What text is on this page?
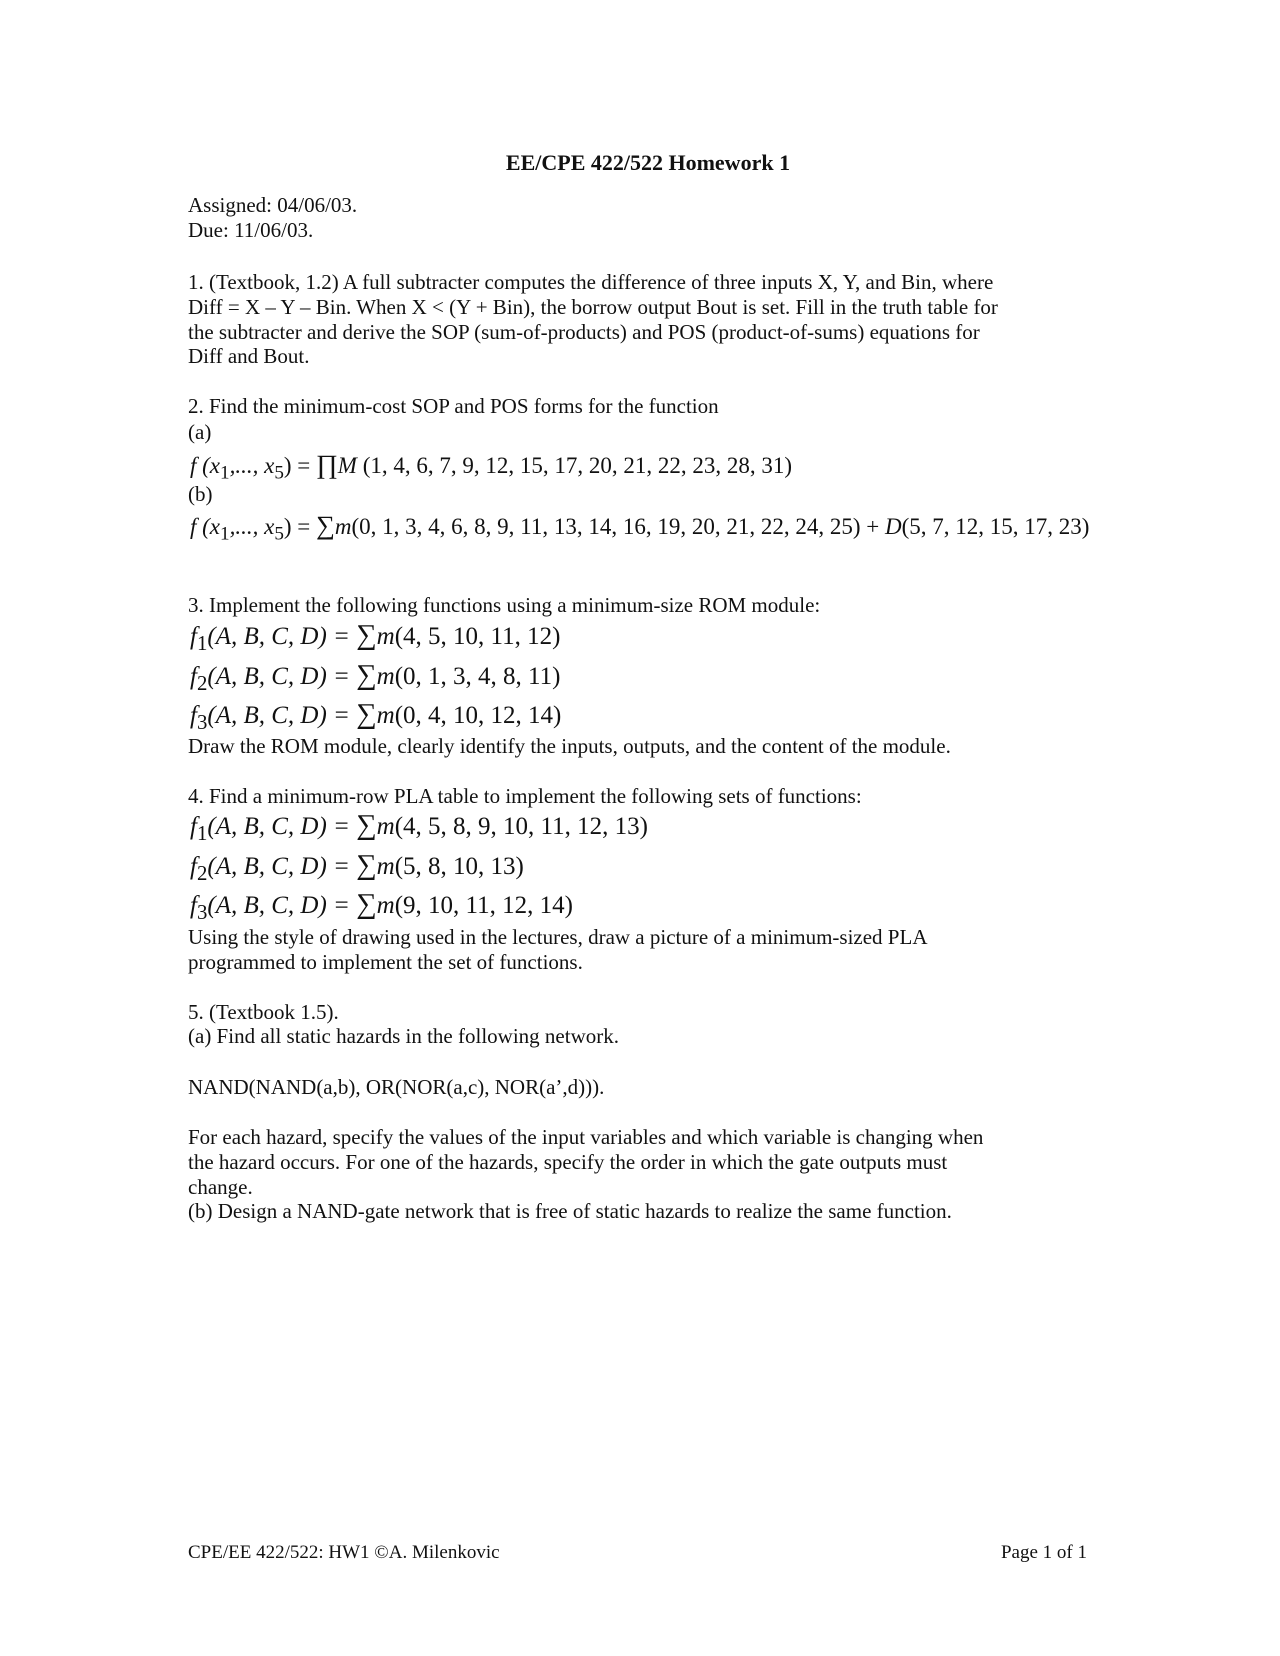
EE/CPE 422/522 Homework 1
Assigned: 04/06/03.
Due: 11/06/03.
1. (Textbook, 1.2) A full subtracter computes the difference of three inputs X, Y, and Bin, where
Diff = X – Y – Bin. When X < (Y + Bin), the borrow output Bout is set. Fill in the truth table for
the subtracter and derive the SOP (sum-of-products) and POS (product-of-sums) equations for
Diff and Bout.
2. Find the minimum-cost SOP and POS forms for the function
(a)
f ($x_1$,..., $x_5$) = ∏M (1, 4, 6, 7, 9, 12, 15, 17, 20, 21, 22, 23, 28, 31)
(b)
f ($x_1$,..., $x_5) = \sum m(0$, 1, 3, 4, 6, 8, 9, 11, 13, 14, 16, 19, 20, 21, 22, 24, 25) + D(5, 7, 12, 15, 17, 23)
3. Implement the following functions using a minimum-size ROM module:
$f_1(A$, B, C, D) = ∑m(4, 5, 10, 11, 12)
$f_2(A$, B, C, D) = ∑m(0, 1, 3, 4, 8, 11)
$f_3(A$, B, C, D) = ∑m(0, 4, 10, 12, 14)
Draw the ROM module, clearly identify the inputs, outputs, and the content of the module.
4. Find a minimum-row PLA table to implement the following sets of functions:
$f_1(A$, B, C, D) = ∑m(4, 5, 8, 9, 10, 11, 12, 13)
$f_2(A$, B, C, D) = ∑m(5, 8, 10, 13)
$f_3(A$, B, C, D) = ∑m(9, 10, 11, 12, 14)
Using the style of drawing used in the lectures, draw a picture of a minimum-sized PLA
programmed to implement the set of functions.
5. (Textbook 1.5).
(a) Find all static hazards in the following network.
NAND(NAND(a,b), OR(NOR(a,c), NOR(a’,d))).
For each hazard, specify the values of the input variables and which variable is changing when
the hazard occurs. For one of the hazards, specify the order in which the gate outputs must
change.
(b) Design a NAND-gate network that is free of static hazards to realize the same function.
CPE/EE 422/522: HW1 ©A. Milenkovic	Page 1 of 1
